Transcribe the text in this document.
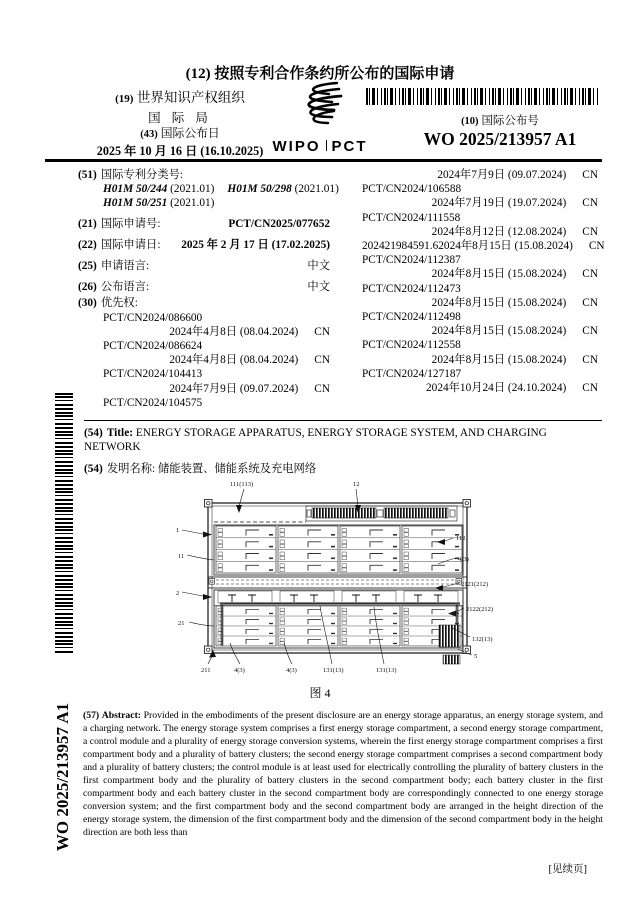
(12) 按照专利合作条约所公布的国际申请
(19) 世界知识产权组织
国 际 局
(43) 国际公布日
2025 年 10 月 16 日 (16.10.2025) WIPO PCT
(10) 国际公布号
WO 2025/213957 A1
(51) 国际专利分类号:
H01M 50/244 (2021.01) H01M 50/298 (2021.01)
H01M 50/251 (2021.01)
(21) 国际申请号:	PCT/CN2025/077652
(22) 国际申请日: 2025 年 2 月 17 日 (17.02.2025)
(25) 申请语言:	中文
(26) 公布语言:	中文
(30) 优先权:
PCT/CN2024/086600
2024年4月8日 (08.04.2024) CN
PCT/CN2024/086624
2024年4月8日 (08.04.2024) CN
PCT/CN2024/104413
2024年7月9日 (09.07.2024) CN
PCT/CN2024/104575
2024年7月9日 (09.07.2024) CN
PCT/CN2024/106588
2024年7月19日 (19.07.2024) CN
PCT/CN2024/111558
2024年8月12日 (12.08.2024) CN
202421984591.6 2024年8月15日 (15.08.2024) CN
PCT/CN2024/112387
2024年8月15日 (15.08.2024) CN
PCT/CN2024/112473
2024年8月15日 (15.08.2024) CN
PCT/CN2024/112498
2024年8月15日 (15.08.2024) CN
PCT/CN2024/112558
2024年8月15日 (15.08.2024) CN
PCT/CN2024/127187
2024年10月24日 (24.10.2024) CN
WO 2025/213957 A1
(54) Title: ENERGY STORAGE APPARATUS, ENERGY STORAGE SYSTEM, AND CHARGING NETWORK
(54) 发明名称: 储能装置、储能系统及充电网络
111(113)	12
1
11
112
4(3)
2
2121(212)
21
2122(212)
132(13)
5
211	4(3)	4(3)	131(13)	131(13)
图 4
(57) Abstract: Provided in the embodiments of the present disclosure are an energy storage apparatus, an energy storage system, and a charging network. The energy storage system comprises a first energy storage compartment, a second energy storage compartment, a control module and a plurality of energy storage conversion systems, wherein the first energy storage compartment comprises a first compartment body and a plurality of battery clusters; the second energy storage compartment comprises a second compartment body and a plurality of battery clusters; the control module is at least used for electrically controlling the plurality of battery clusters in the first compartment body and the plurality of battery clusters in the second compartment body; each battery cluster in the first compartment body and each battery cluster in the second compartment body are correspondingly connected to one energy storage conversion system; and the first compartment body and the second compartment body are arranged in the height direction of the energy storage system, the dimension of the first compartment body and the dimension of the second compartment body in the height direction are both less than
[见续页]
